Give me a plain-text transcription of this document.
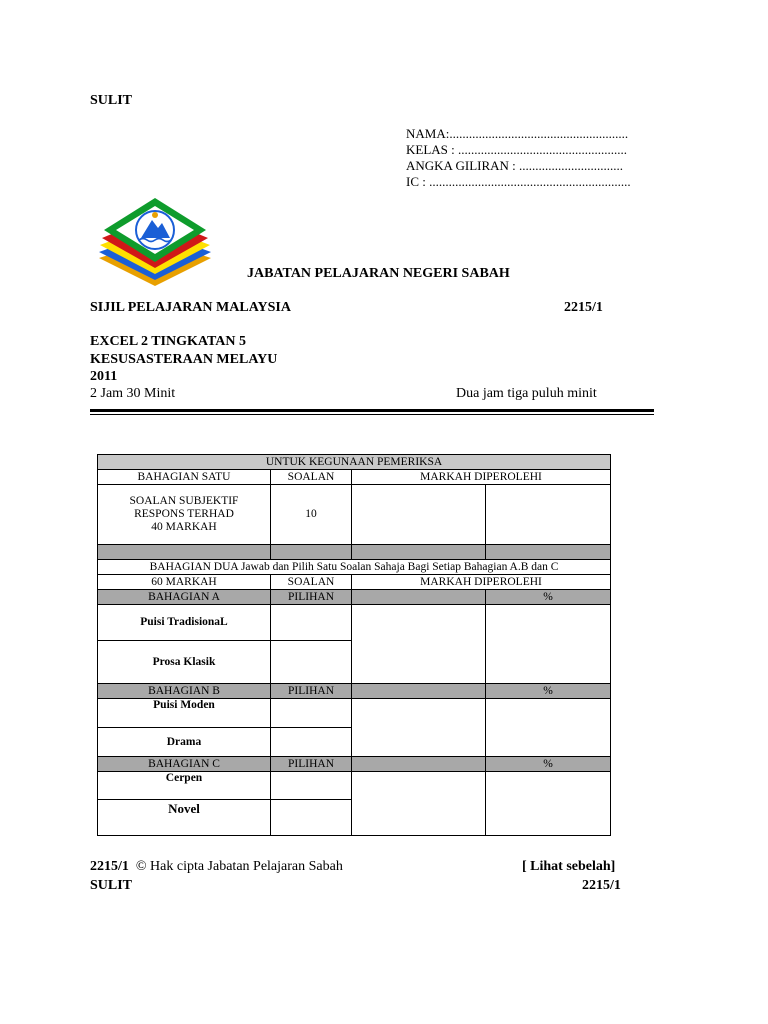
SULIT
NAMA:.......................................................
KELAS : ....................................................
ANGKA GILIRAN : ................................
IC : ..............................................................
JABATAN PELAJARAN NEGERI SABAH
SIJIL PELAJARAN MALAYSIA	2215/1
EXCEL 2 TINGKATAN 5
KESUSASTERAAN MELAYU
2011
2 Jam 30 Minit	Dua jam tiga puluh minit
UNTUK KEGUNAAN PEMERIKSA			
BAHAGIAN SATU	SOALAN	MARKAH DIPEROLEHI	

SOALAN SUBJEKTIF
RESPONS TERHAD
40 MARKAH	10		

BAHAGIAN DUA Jawab dan Pilih Satu Soalan Sahaja Bagi Setiap Bahagian A.B dan C			
60 MARKAH	SOALAN	MARKAH DIPEROLEHI	
BAHAGIAN A	PILIHAN		%
Puisi TradisionaL			
Prosa Klasik			
BAHAGIAN B	PILIHAN		%
Puisi Moden			
Drama			
BAHAGIAN C	PILIHAN		%
Cerpen			
Novel			
2215/1 © Hak cipta Jabatan Pelajaran Sabah	[ Lihat sebelah]
SULIT	2215/1
